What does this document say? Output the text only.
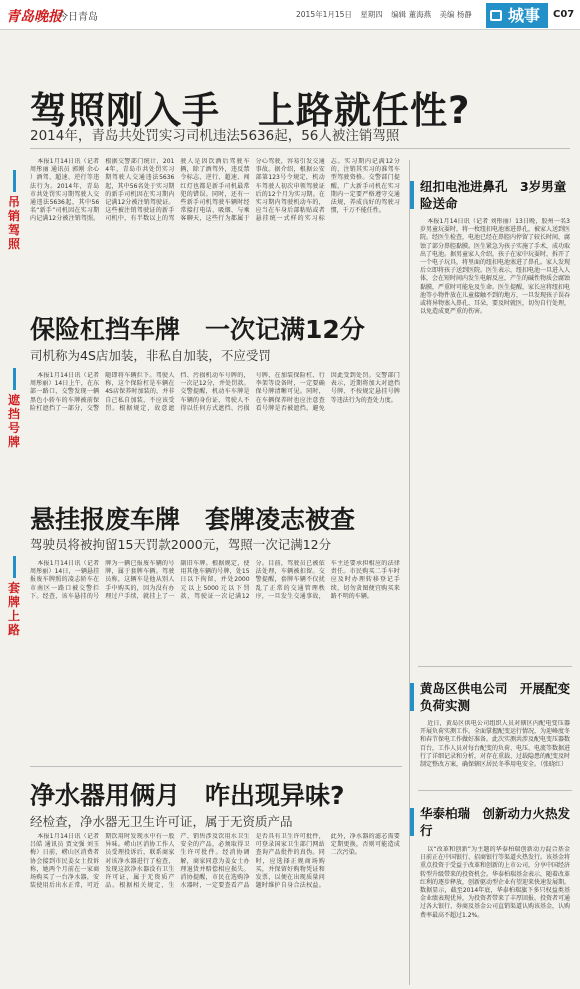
青岛晚报
今日青岛	2015年1月15日 星期四 编辑 董海燕 美编 杨静	城事	C07
驾照刚入手　上路就任性?
2014年，青岛共处罚实习司机违法5636起，56人被注销驾照
吊销驾照

本报1月14日讯（记者 周彤丽 通讯员 郭刚 余心 ）酒驾、超速、逆行等违法行为。2014年，青岛市共处罚实习期驾驶人交通违法5636起，其中56名“新手”司机因在实习期内记满12分被注销驾照。根据交警部门统计，2014年，青岛市共处罚实习期驾驶人交通违法5636起，其中56名处于实习期的新手司机因在实习期内记满12分被注销驾驶证。这些被注销驾驶证的新手司机中，有半数以上的驾驶人是因饮酒后驾驶车辆，除了酒驾外，违反禁令标志、逆行、超速、闯红灯也都是新手司机最常犯的错误。同时，还有一些新手司机驾驶车辆时经常接打电话、吸烟、与乘客聊天，这些行为都属于分心驾驶，容易引发交通事故。据介绍，根据公安部第123号令规定，机动车驾驶人初次申领驾驶证后的12个月为实习期。在实习期内驾驶机动车的，应当在车身后部粘贴或者悬挂统一式样的实习标志。实习期内记满12分的，注销其实习的准驾车型驾驶资格。交警部门提醒，广大新手司机在实习期内一定要严格遵守交通法规，养成良好的驾驶习惯，千万不能任性。

保险杠挡车牌　一次记满12分
司机称为4S店加装，非私自加装，不应受罚
遮挡号牌

本报1月14日讯（记者 周彤丽）14日上午，在东部一路口，交警发现一辆黑色小轿车的车牌被前保险杠遮挡了一部分，交警随即将车辆拦下。驾驶人称，这个保险杠是车辆在4S店保养时加装的，并非自己私自加装，不应该受罚。根据规定，故意遮挡、污损机动车号牌的，一次记12分，并处罚款。交警提醒，机动车车牌是车辆的身份证，驾驶人不得以任何方式遮挡、污损号牌，在加装保险杠、行李架等设备时，一定要确保号牌清晰可见。同时，在车辆保养时也应注意查看号牌是否被遮挡，避免因此受到处罚。交警部门表示，近期将加大对遮挡号牌、不按规定悬挂号牌等违法行为的查处力度。

悬挂报废车牌　套牌凌志被查
驾驶员将被拘留15天罚款2000元，驾照一次记满12分
套牌上路

本报1月14日讯（记者 周彤丽）14日，一辆悬挂报废车牌照的凌志轿车在市南区一路口被交警拦下。经查，该车悬挂的号牌为一辆已报废车辆的号牌，属于套牌车辆。驾驶员称，这辆车是他从别人手中购买的，因为没有办理过户手续，就挂上了一副旧车牌。根据规定，使用其他车辆的号牌，处15日以下拘留，并处2000元以上5000元以下罚款，驾驶证一次记满12分。目前，驾驶员已被依法处理，车辆被扣留。交警提醒，套牌车辆不仅扰乱了正常的交通管理秩序，一旦发生交通事故，车主还要承担相应的法律责任。市民购买二手车时应及时办理转移登记手续，切勿贪图便宜购买来路不明的车辆。

净水器用俩月　咋出现异味?
经检查，净水器无卫生许可证，属于无资质产品

本报1月14日讯（记者 吕皓 通讯员 贾文强 刘玉梅）日前，崂山区消费者协会接到市民姜女士投诉称，她两个月前在一家商场购买了一台净水器，安装使用后出水正常，可近期饮用时发现水中有一股异味。崂山区消协工作人员受理投诉后，联系商家对该净水器进行了检查，发现这款净水器没有卫生许可证，属于无资质产品。根据相关规定，生产、销售涉及饮用水卫生安全的产品，必须取得卫生许可批件。经消协调解，商家同意为姜女士办理退货并赔偿相应损失。消协提醒，市民在选购净水器时，一定要查看产品是否具有卫生许可批件，可登录国家卫生部门网站查询产品批件的真伪。同时，应选择正规商场购买，并保留好购物凭证和发票，以便在出现质量问题时维护自身合法权益。此外，净水器的滤芯需要定期更换，否则可能造成二次污染。

纽扣电池进鼻孔　3岁男童险送命

本报1月14日讯（记者 刘彤丽）13日晚，胶州一名3岁男童玩耍时，将一枚纽扣电池塞进鼻孔，被家人送到医院。经医生检查，电池已经在鼻腔内停留了较长时间，腐蚀了部分鼻腔黏膜。医生紧急为孩子实施了手术，成功取出了电池。据男童家人介绍，孩子在家中玩耍时，拆开了一个电子玩具，将里面的纽扣电池塞进了鼻孔。家人发现后立即将孩子送到医院。医生表示，纽扣电池一旦进入人体，会在短时间内发生电解反应，产生的碱性物质会腐蚀黏膜，严重时可能危及生命。医生提醒，家长应将纽扣电池等小物件放在儿童接触不到的地方，一旦发现孩子误吞或将异物塞入鼻孔、耳朵，要及时就医，切勿自行处理，以免造成更严重的伤害。

黄岛区供电公司　开展配变负荷实测

近日，黄岛区供电公司组织人员对辖区内配电变压器开展负荷实测工作，全面掌握配变运行情况，为迎峰度冬和春节保电工作做好准备。此次实测共涉及配电变压器数百台，工作人员对每台配变的负荷、电压、电流等数据进行了详细记录和分析，对存在重载、过载隐患的配变及时制定整改方案，确保辖区居民冬季用电安全。（张晓红）

华泰柏瑞　创新动力火热发行

以“改革和创新”为主题的华泰柏瑞创新动力混合基金日前正在中国银行、招商银行等渠道火热发行。该基金将重点投资于受益于改革和创新的上市公司，分享中国经济转型升级带来的投资机会。华泰柏瑞基金表示，随着改革红利的逐步释放，创新驱动型企业有望迎来快速发展期。数据显示，截至2014年底，华泰柏瑞旗下多只权益类基金业绩表现优异，为投资者带来了丰厚回报。投资者可通过各大银行、券商及基金公司直销渠道认购该基金，认购费率最高不超过1.2%。
